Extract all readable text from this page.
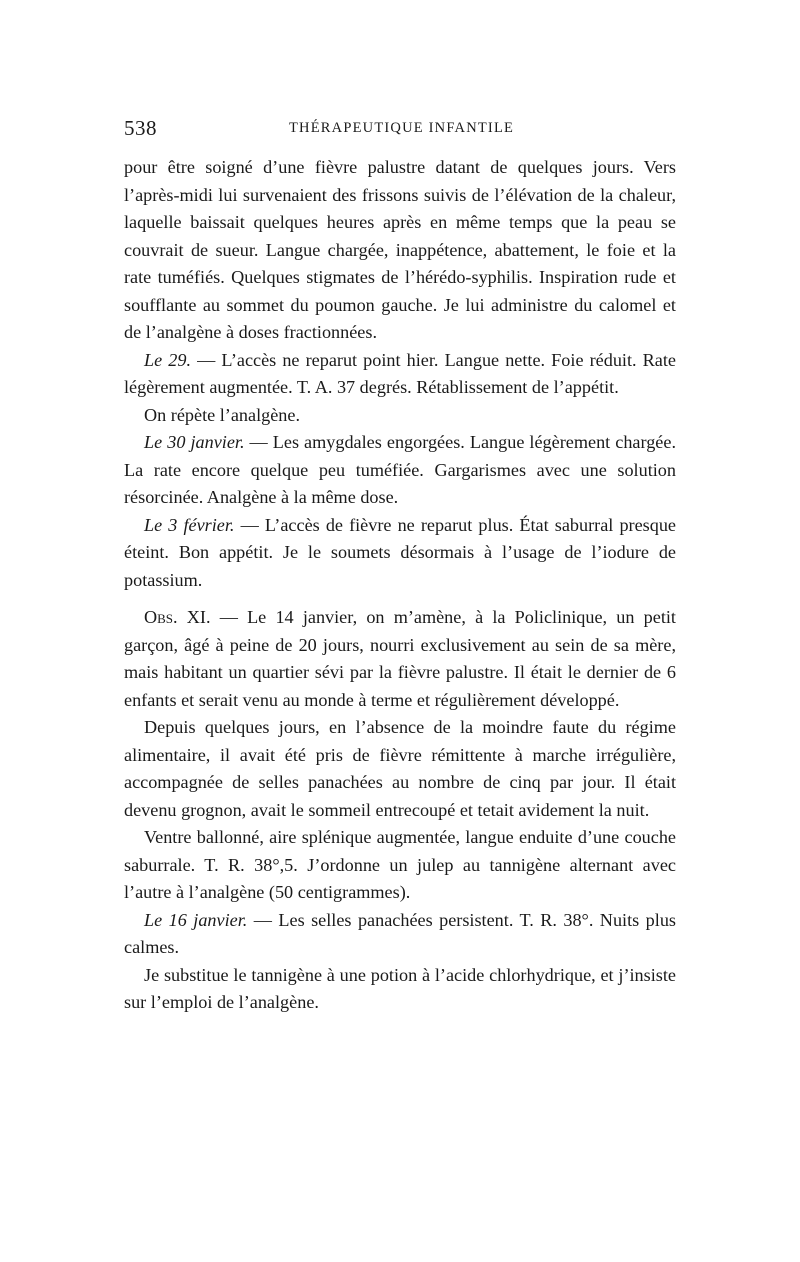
538	THÉRAPEUTIQUE INFANTILE

pour être soigné d’une fièvre palustre datant de quelques jours. Vers l’après-midi lui survenaient des frissons suivis de l’élévation de la chaleur, laquelle baissait quelques heures après en même temps que la peau se couvrait de sueur. Langue chargée, inappétence, abattement, le foie et la rate tuméfiés. Quelques stigmates de l’hérédo-syphilis. Inspiration rude et soufflante au sommet du poumon gauche. Je lui administre du calomel et de l’analgène à doses fractionnées.

Le 29. — L’accès ne reparut point hier. Langue nette. Foie réduit. Rate légèrement augmentée. T. A. 37 degrés. Rétablissement de l’appétit.

On répète l’analgène.

Le 30 janvier. — Les amygdales engorgées. Langue légèrement chargée. La rate encore quelque peu tuméfiée. Gargarismes avec une solution résorcinée. Analgène à la même dose.

Le 3 février. — L’accès de fièvre ne reparut plus. État saburral presque éteint. Bon appétit. Je le soumets désormais à l’usage de l’iodure de potassium.

Obs. XI. — Le 14 janvier, on m’amène, à la Policlinique, un petit garçon, âgé à peine de 20 jours, nourri exclusivement au sein de sa mère, mais habitant un quartier sévi par la fièvre palustre. Il était le dernier de 6 enfants et serait venu au monde à terme et régulièrement développé.

Depuis quelques jours, en l’absence de la moindre faute du régime alimentaire, il avait été pris de fièvre rémittente à marche irrégulière, accompagnée de selles panachées au nombre de cinq par jour. Il était devenu grognon, avait le sommeil entrecoupé et tetait avidement la nuit.

Ventre ballonné, aire splénique augmentée, langue enduite d’une couche saburrale. T. R. 38°,5. J’ordonne un julep au tannigène alternant avec l’autre à l’analgène (50 centigrammes).

Le 16 janvier. — Les selles panachées persistent. T. R. 38°. Nuits plus calmes.

Je substitue le tannigène à une potion à l’acide chlorhydrique, et j’insiste sur l’emploi de l’analgène.
